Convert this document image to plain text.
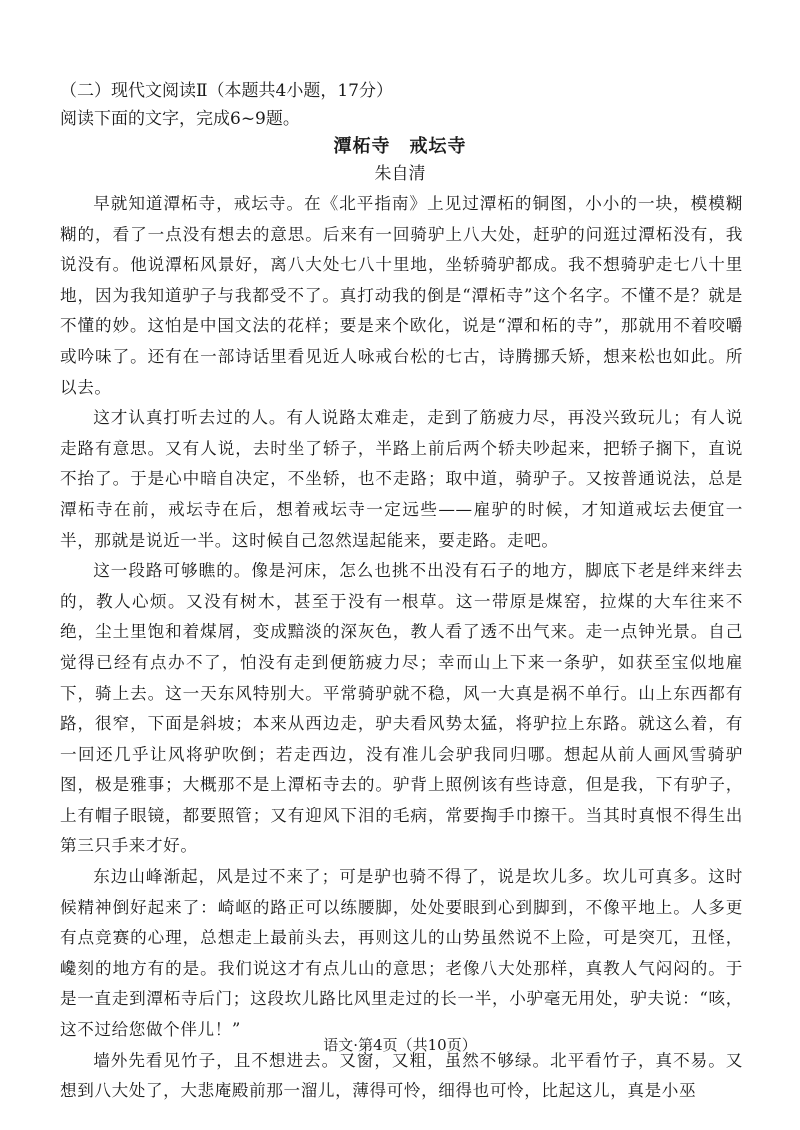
（二）现代文阅读Ⅱ（本题共4小题，17分）
阅读下面的文字，完成6~9题。
潭柘寺　戒坛寺
朱自清

早就知道潭柘寺，戒坛寺。在《北平指南》上见过潭柘的铜图，小小的一块，模模糊糊的，看了一点没有想去的意思。后来有一回骑驴上八大处，赶驴的问逛过潭柘没有，我说没有。他说潭柘风景好，离八大处七八十里地，坐轿骑驴都成。我不想骑驴走七八十里地，因为我知道驴子与我都受不了。真打动我的倒是“潭柘寺”这个名字。不懂不是？就是不懂的妙。这怕是中国文法的花样；要是来个欧化，说是“潭和柘的寺”，那就用不着咬嚼或吟味了。还有在一部诗话里看见近人咏戒台松的七古，诗腾挪夭矫，想来松也如此。所以去。

这才认真打听去过的人。有人说路太难走，走到了筋疲力尽，再没兴致玩儿；有人说走路有意思。又有人说，去时坐了轿子，半路上前后两个轿夫吵起来，把轿子搁下，直说不抬了。于是心中暗自决定，不坐轿，也不走路；取中道，骑驴子。又按普通说法，总是潭柘寺在前，戒坛寺在后，想着戒坛寺一定远些——雇驴的时候，才知道戒坛去便宜一半，那就是说近一半。这时候自己忽然逞起能来，要走路。走吧。

这一段路可够瞧的。像是河床，怎么也挑不出没有石子的地方，脚底下老是绊来绊去的，教人心烦。又没有树木，甚至于没有一根草。这一带原是煤窑，拉煤的大车往来不绝，尘土里饱和着煤屑，变成黯淡的深灰色，教人看了透不出气来。走一点钟光景。自己觉得已经有点办不了，怕没有走到便筋疲力尽；幸而山上下来一条驴，如获至宝似地雇下，骑上去。这一天东风特别大。平常骑驴就不稳，风一大真是祸不单行。山上东西都有路，很窄，下面是斜坡；本来从西边走，驴夫看风势太猛，将驴拉上东路。就这么着，有一回还几乎让风将驴吹倒；若走西边，没有准儿会驴我同归哪。想起从前人画风雪骑驴图，极是雅事；大概那不是上潭柘寺去的。驴背上照例该有些诗意，但是我，下有驴子，上有帽子眼镜，都要照管；又有迎风下泪的毛病，常要掏手巾擦干。当其时真恨不得生出第三只手来才好。

东边山峰渐起，风是过不来了；可是驴也骑不得了，说是坎儿多。坎儿可真多。这时候精神倒好起来了：崎岖的路正可以练腰脚，处处要眼到心到脚到，不像平地上。人多更有点竞赛的心理，总想走上最前头去，再则这儿的山势虽然说不上险，可是突兀，丑怪，巉刻的地方有的是。我们说这才有点儿山的意思；老像八大处那样，真教人气闷闷的。于是一直走到潭柘寺后门；这段坎儿路比风里走过的长一半，小驴毫无用处，驴夫说：“咳，这不过给您做个伴儿！”

墙外先看见竹子，且不想进去。又窗，又粗，虽然不够绿。北平看竹子，真不易。又想到八大处了，大悲庵殿前那一溜儿，薄得可怜，细得也可怜，比起这儿，真是小巫

语文·第4页（共10页）
